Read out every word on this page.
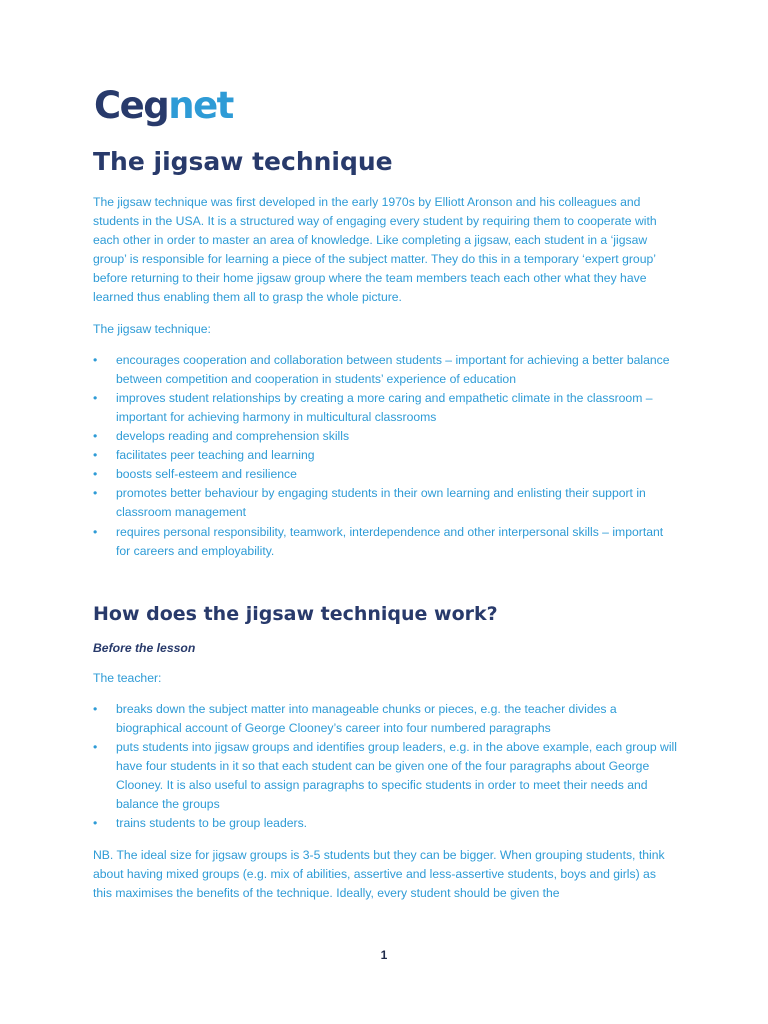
Cegnet
The jigsaw technique

The jigsaw technique was first developed in the early 1970s by Elliott Aronson and his colleagues and students in the USA. It is a structured way of engaging every student by requiring them to cooperate with each other in order to master an area of knowledge. Like completing a jigsaw, each student in a ‘jigsaw group’ is responsible for learning a piece of the subject matter. They do this in a temporary ‘expert group’ before returning to their home jigsaw group where the team members teach each other what they have learned thus enabling them all to grasp the whole picture.

The jigsaw technique:

• encourages cooperation and collaboration between students – important for achieving a better balance between competition and cooperation in students’ experience of education
• improves student relationships by creating a more caring and empathetic climate in the classroom – important for achieving harmony in multicultural classrooms
• develops reading and comprehension skills
• facilitates peer teaching and learning
• boosts self-esteem and resilience
• promotes better behaviour by engaging students in their own learning and enlisting their support in classroom management
• requires personal responsibility, teamwork, interdependence and other interpersonal skills – important for careers and employability.
How does the jigsaw technique work?

Before the lesson

The teacher:

• breaks down the subject matter into manageable chunks or pieces, e.g. the teacher divides a biographical account of George Clooney’s career into four numbered paragraphs
• puts students into jigsaw groups and identifies group leaders, e.g. in the above example, each group will have four students in it so that each student can be given one of the four paragraphs about George Clooney. It is also useful to assign paragraphs to specific students in order to meet their needs and balance the groups
• trains students to be group leaders.

NB. The ideal size for jigsaw groups is 3-5 students but they can be bigger. When grouping students, think about having mixed groups (e.g. mix of abilities, assertive and less-assertive students, boys and girls) as this maximises the benefits of the technique. Ideally, every student should be given the

1
